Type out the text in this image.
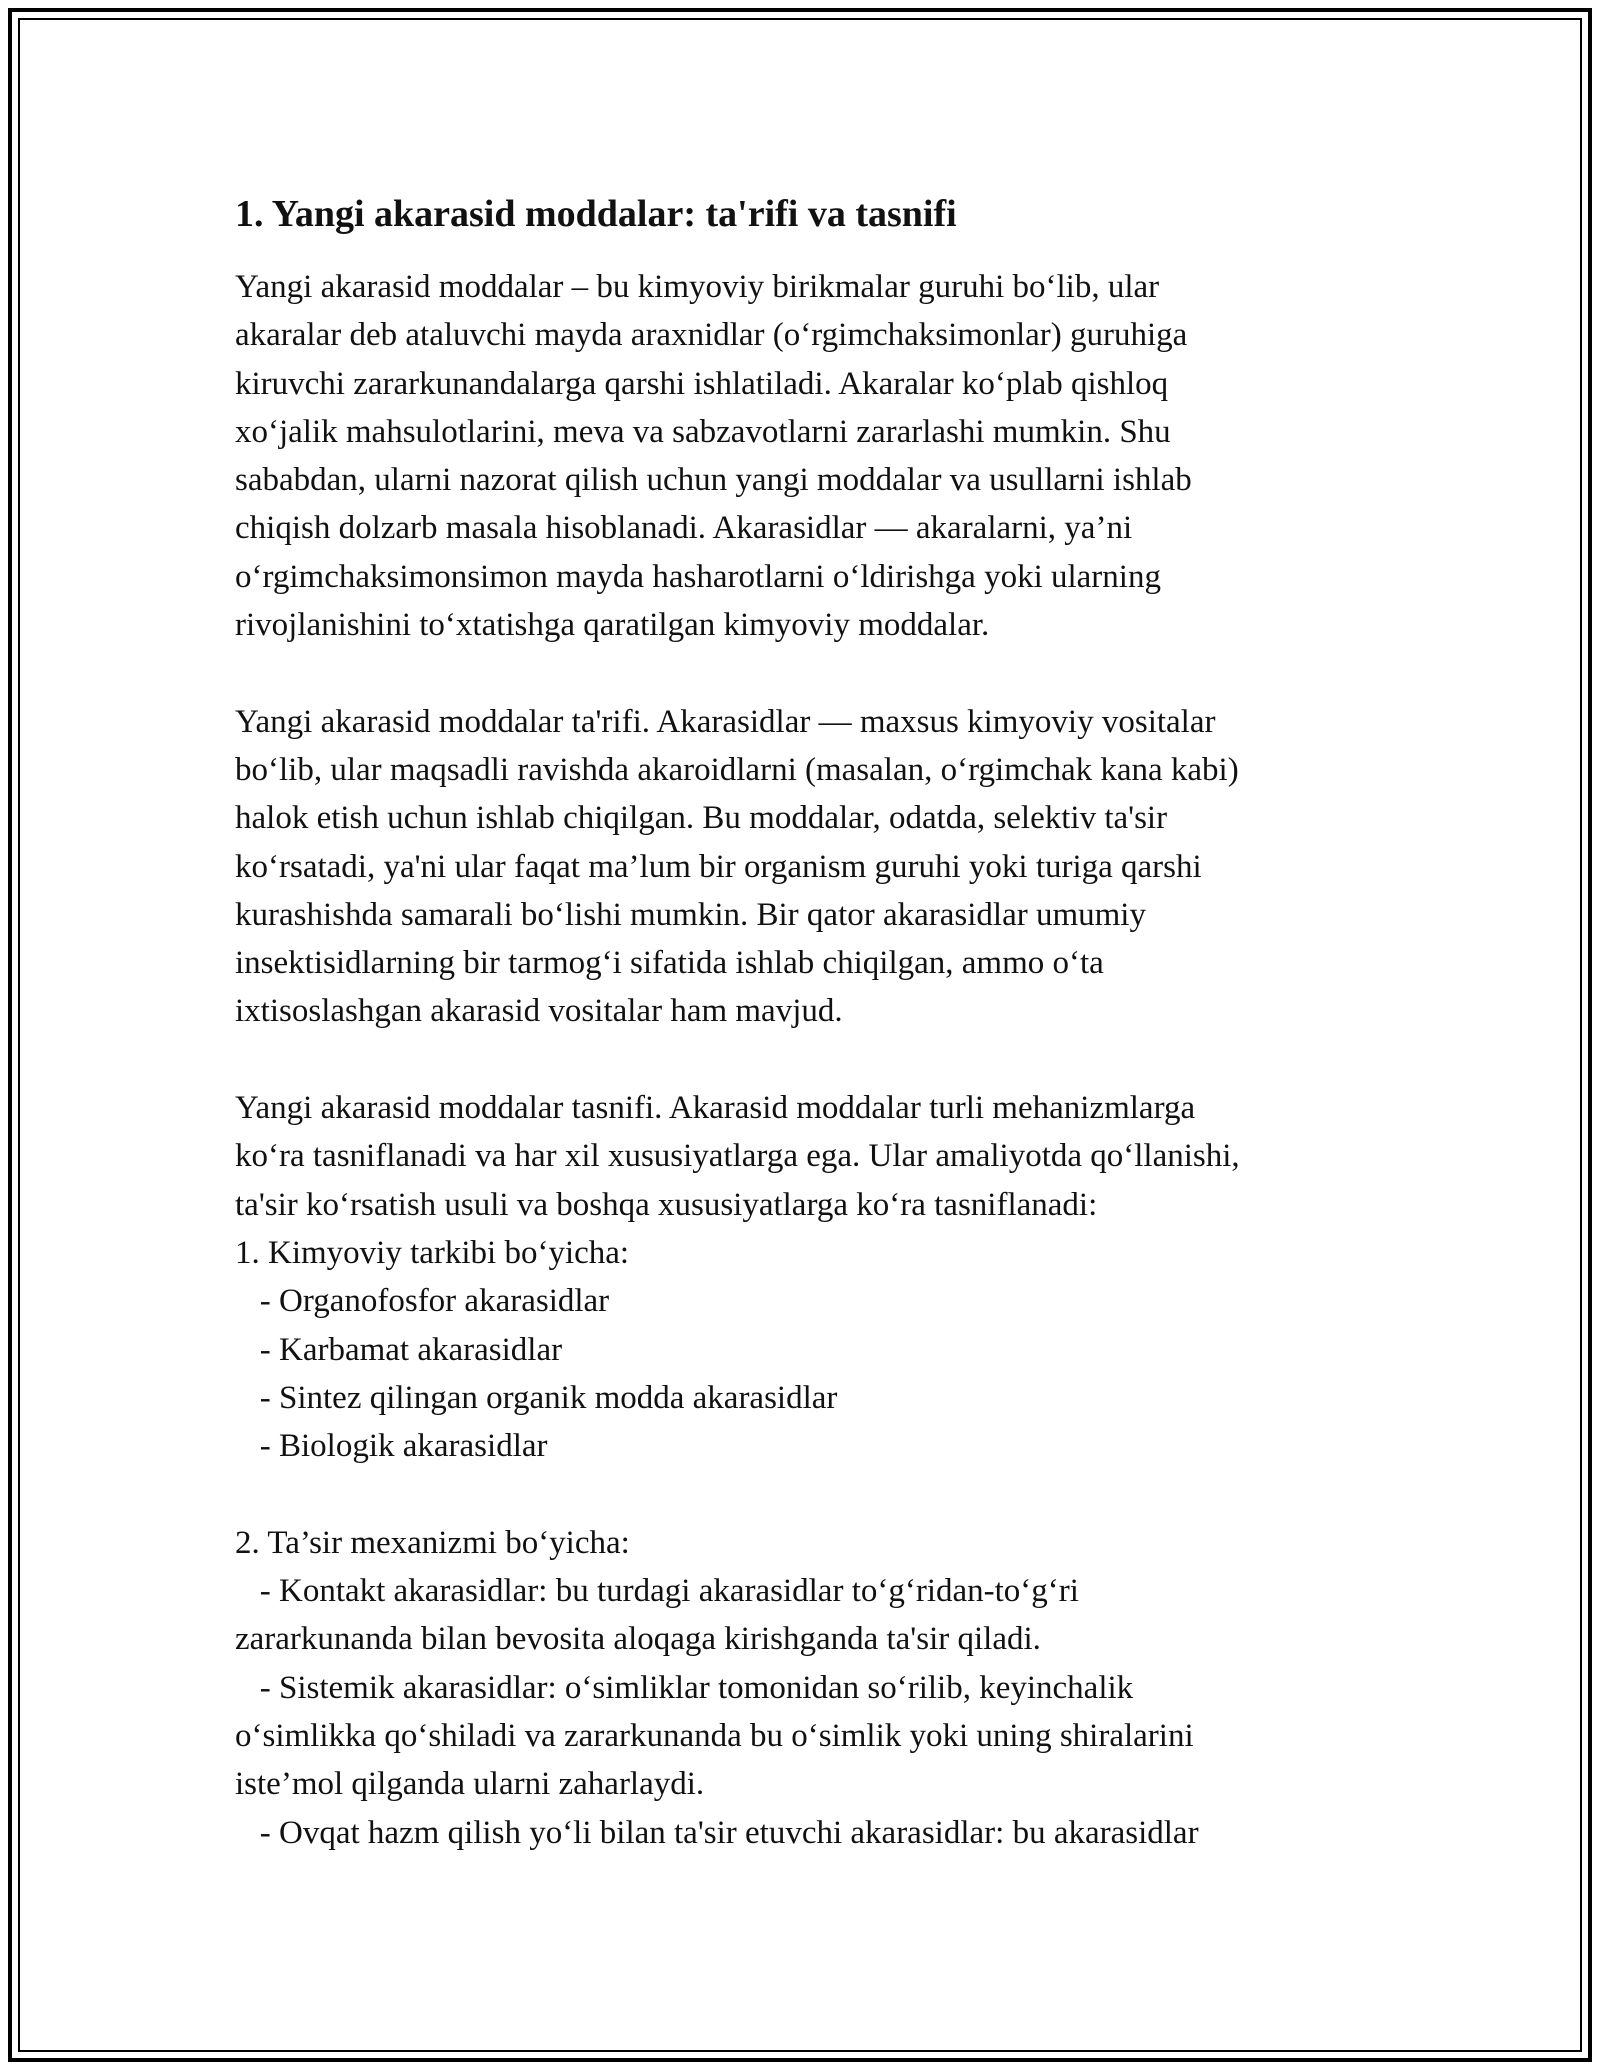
1. Yangi akarasid moddalar: ta'rifi va tasnifi
Yangi akarasid moddalar – bu kimyoviy birikmalar guruhi bo‘lib, ular
akaralar deb ataluvchi mayda araxnidlar (o‘rgimchaksimonlar) guruhiga
kiruvchi zararkunandalarga qarshi ishlatiladi. Akaralar ko‘plab qishloq
xo‘jalik mahsulotlarini, meva va sabzavotlarni zararlashi mumkin. Shu
sababdan, ularni nazorat qilish uchun yangi moddalar va usullarni ishlab
chiqish dolzarb masala hisoblanadi. Akarasidlar — akaralarni, ya’ni
o‘rgimchaksimonsimon mayda hasharotlarni o‘ldirishga yoki ularning
rivojlanishini to‘xtatishga qaratilgan kimyoviy moddalar.
Yangi akarasid moddalar ta'rifi. Akarasidlar — maxsus kimyoviy vositalar
bo‘lib, ular maqsadli ravishda akaroidlarni (masalan, o‘rgimchak kana kabi)
halok etish uchun ishlab chiqilgan. Bu moddalar, odatda, selektiv ta'sir
ko‘rsatadi, ya'ni ular faqat ma’lum bir organism guruhi yoki turiga qarshi
kurashishda samarali bo‘lishi mumkin. Bir qator akarasidlar umumiy
insektisidlarning bir tarmog‘i sifatida ishlab chiqilgan, ammo o‘ta
ixtisoslashgan akarasid vositalar ham mavjud.
Yangi akarasid moddalar tasnifi. Akarasid moddalar turli mehanizmlarga
ko‘ra tasniflanadi va har xil xususiyatlarga ega. Ular amaliyotda qo‘llanishi,
ta'sir ko‘rsatish usuli va boshqa xususiyatlarga ko‘ra tasniflanadi:
1. Kimyoviy tarkibi bo‘yicha:
- Organofosfor akarasidlar
- Karbamat akarasidlar
- Sintez qilingan organik modda akarasidlar
- Biologik akarasidlar
2. Ta’sir mexanizmi bo‘yicha:
- Kontakt akarasidlar: bu turdagi akarasidlar to‘g‘ridan-to‘g‘ri
zararkunanda bilan bevosita aloqaga kirishganda ta'sir qiladi.
- Sistemik akarasidlar: o‘simliklar tomonidan so‘rilib, keyinchalik
o‘simlikka qo‘shiladi va zararkunanda bu o‘simlik yoki uning shiralarini
iste’mol qilganda ularni zaharlaydi.
- Ovqat hazm qilish yo‘li bilan ta'sir etuvchi akarasidlar: bu akarasidlar
